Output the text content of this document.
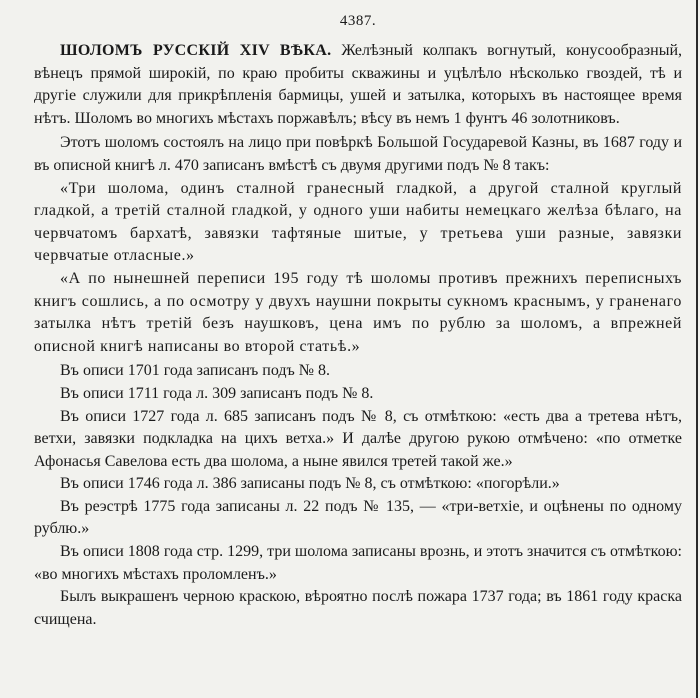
4387.

ШОЛОМЪ РУССКІЙ XIV ВѢКА. Желѣзный колпакъ вогнутый, конусообразный, вѣнецъ прямой широкій, по краю пробиты скважины и уцѣлѣло нѣсколько гвоздей, тѣ и другіе служили для прикрѣпленія бармицы, ушей и затылка, которыхъ въ настоящее время нѣтъ. Шоломъ во многихъ мѣстахъ поржавѣлъ; вѣсу въ немъ 1 фунтъ 46 золотниковъ.

Этотъ шоломъ состоялъ на лицо при повѣркѣ Большой Государевой Казны, въ 1687 году и въ описной книгѣ л. 470 записанъ вмѣстѣ съ двумя другими подъ № 8 такъ:

«Три шолома, одинъ сталной гранеcный гладкой, а другой сталной круглый гладкой, а третій сталной гладкой, у одного уши набиты немецкаго желѣза бѣлаго, на червчатомъ бархатѣ, завязки тафтяные шитые, у третьева уши разные, завязки червчатые отласные.»

«А по нынешней переписи 195 году тѣ шоломы противъ прежнихъ переписныхъ книгъ сошлись, а по осмотру у двухъ наушни покрыты сукномъ краснымъ, у граненаго затылка нѣтъ третій безъ наушковъ, цена имъ по рублю за шоломъ, а впрежней описной книгѣ написаны во второй статьѣ.»

Въ описи 1701 года записанъ подъ № 8.

Въ описи 1711 года л. 309 записанъ подъ № 8.

Въ описи 1727 года л. 685 записанъ подъ № 8, съ отмѣткою: «есть два а третева нѣтъ, ветхи, завязки подкладка на цихъ ветха.» И далѣе другою рукою отмѣчено: «по отметке Афонасья Савелова есть два шолома, а ныне явился третей такой же.»

Въ описи 1746 года л. 386 записаны подъ № 8, съ отмѣткою: «погорѣли.»

Въ реэстрѣ 1775 года записаны л. 22 подъ № 135, — «три-ветхіе, и оцѣнены по одному рублю.»

Въ описи 1808 года стр. 1299, три шолома записаны врознь, и этотъ значится съ отмѣткою: «во многихъ мѣстахъ проломленъ.»

Былъ выкрашенъ черною краскою, вѣроятно послѣ пожара 1737 года; въ 1861 году краска счищена.
